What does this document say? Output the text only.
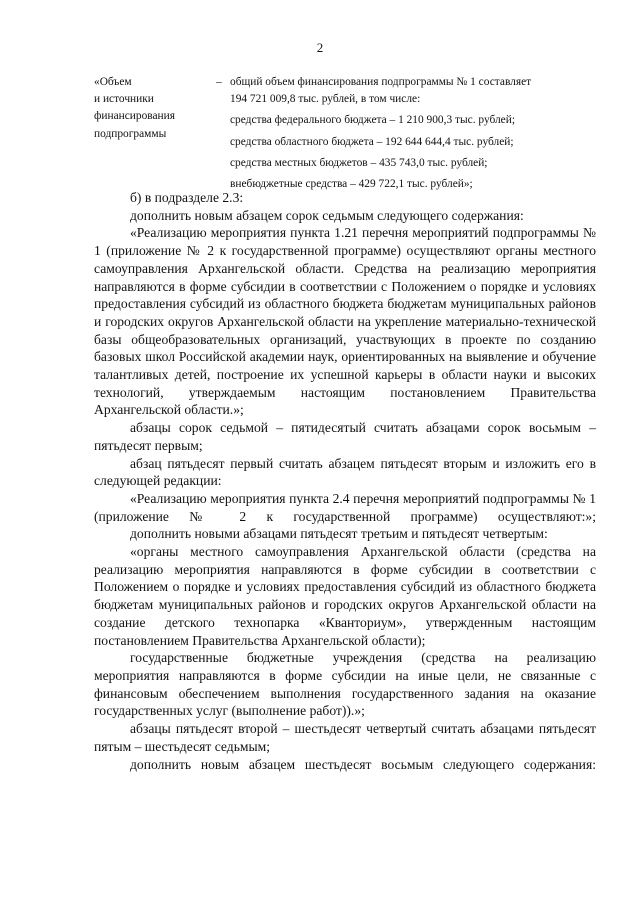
2
«Объем
и источники
финансирования
подпрограммы
– общий объем финансирования подпрограммы № 1 составляет
194 721 009,8 тыс. рублей, в том числе:
средства федерального бюджета – 1 210 900,3 тыс. рублей;
средства областного бюджета – 192 644 644,4 тыс. рублей;
средства местных бюджетов – 435 743,0 тыс. рублей;
внебюджетные средства – 429 722,1 тыс. рублей»;

б) в подразделе 2.3:

дополнить новым абзацем сорок седьмым следующего содержания:

«Реализацию мероприятия пункта 1.21 перечня мероприятий подпрограммы № 1 (приложение № 2 к государственной программе) осуществляют органы местного самоуправления Архангельской области. Средства на реализацию мероприятия направляются в форме субсидии в соответствии с Положением о порядке и условиях предоставления субсидий из областного бюджета бюджетам муниципальных районов и городских округов Архангельской области на укрепление материально-технической базы общеобразовательных организаций, участвующих в проекте по созданию базовых школ Российской академии наук, ориентированных на выявление и обучение талантливых детей, построение их успешной карьеры в области науки и высоких технологий, утверждаемым настоящим постановлением Правительства Архангельской области.»;

абзацы сорок седьмой – пятидесятый считать абзацами сорок восьмым – пятьдесят первым;

абзац пятьдесят первый считать абзацем пятьдесят вторым и изложить его в следующей редакции:

«Реализацию мероприятия пункта 2.4 перечня мероприятий подпрограммы № 1 (приложение № 2 к государственной программе) осуществляют:»;

дополнить новыми абзацами пятьдесят третьим и пятьдесят четвертым:

«органы местного самоуправления Архангельской области (средства на реализацию мероприятия направляются в форме субсидии в соответствии с Положением о порядке и условиях предоставления субсидий из областного бюджета бюджетам муниципальных районов и городских округов Архангельской области на создание детского технопарка «Кванториум», утвержденным настоящим постановлением Правительства Архангельской области);

государственные бюджетные учреждения (средства на реализацию мероприятия направляются в форме субсидии на иные цели, не связанные с финансовым обеспечением выполнения государственного задания на оказание государственных услуг (выполнение работ)).»;

абзацы пятьдесят второй – шестьдесят четвертый считать абзацами пятьдесят пятым – шестьдесят седьмым;

дополнить новым абзацем шестьдесят восьмым следующего содержания:
